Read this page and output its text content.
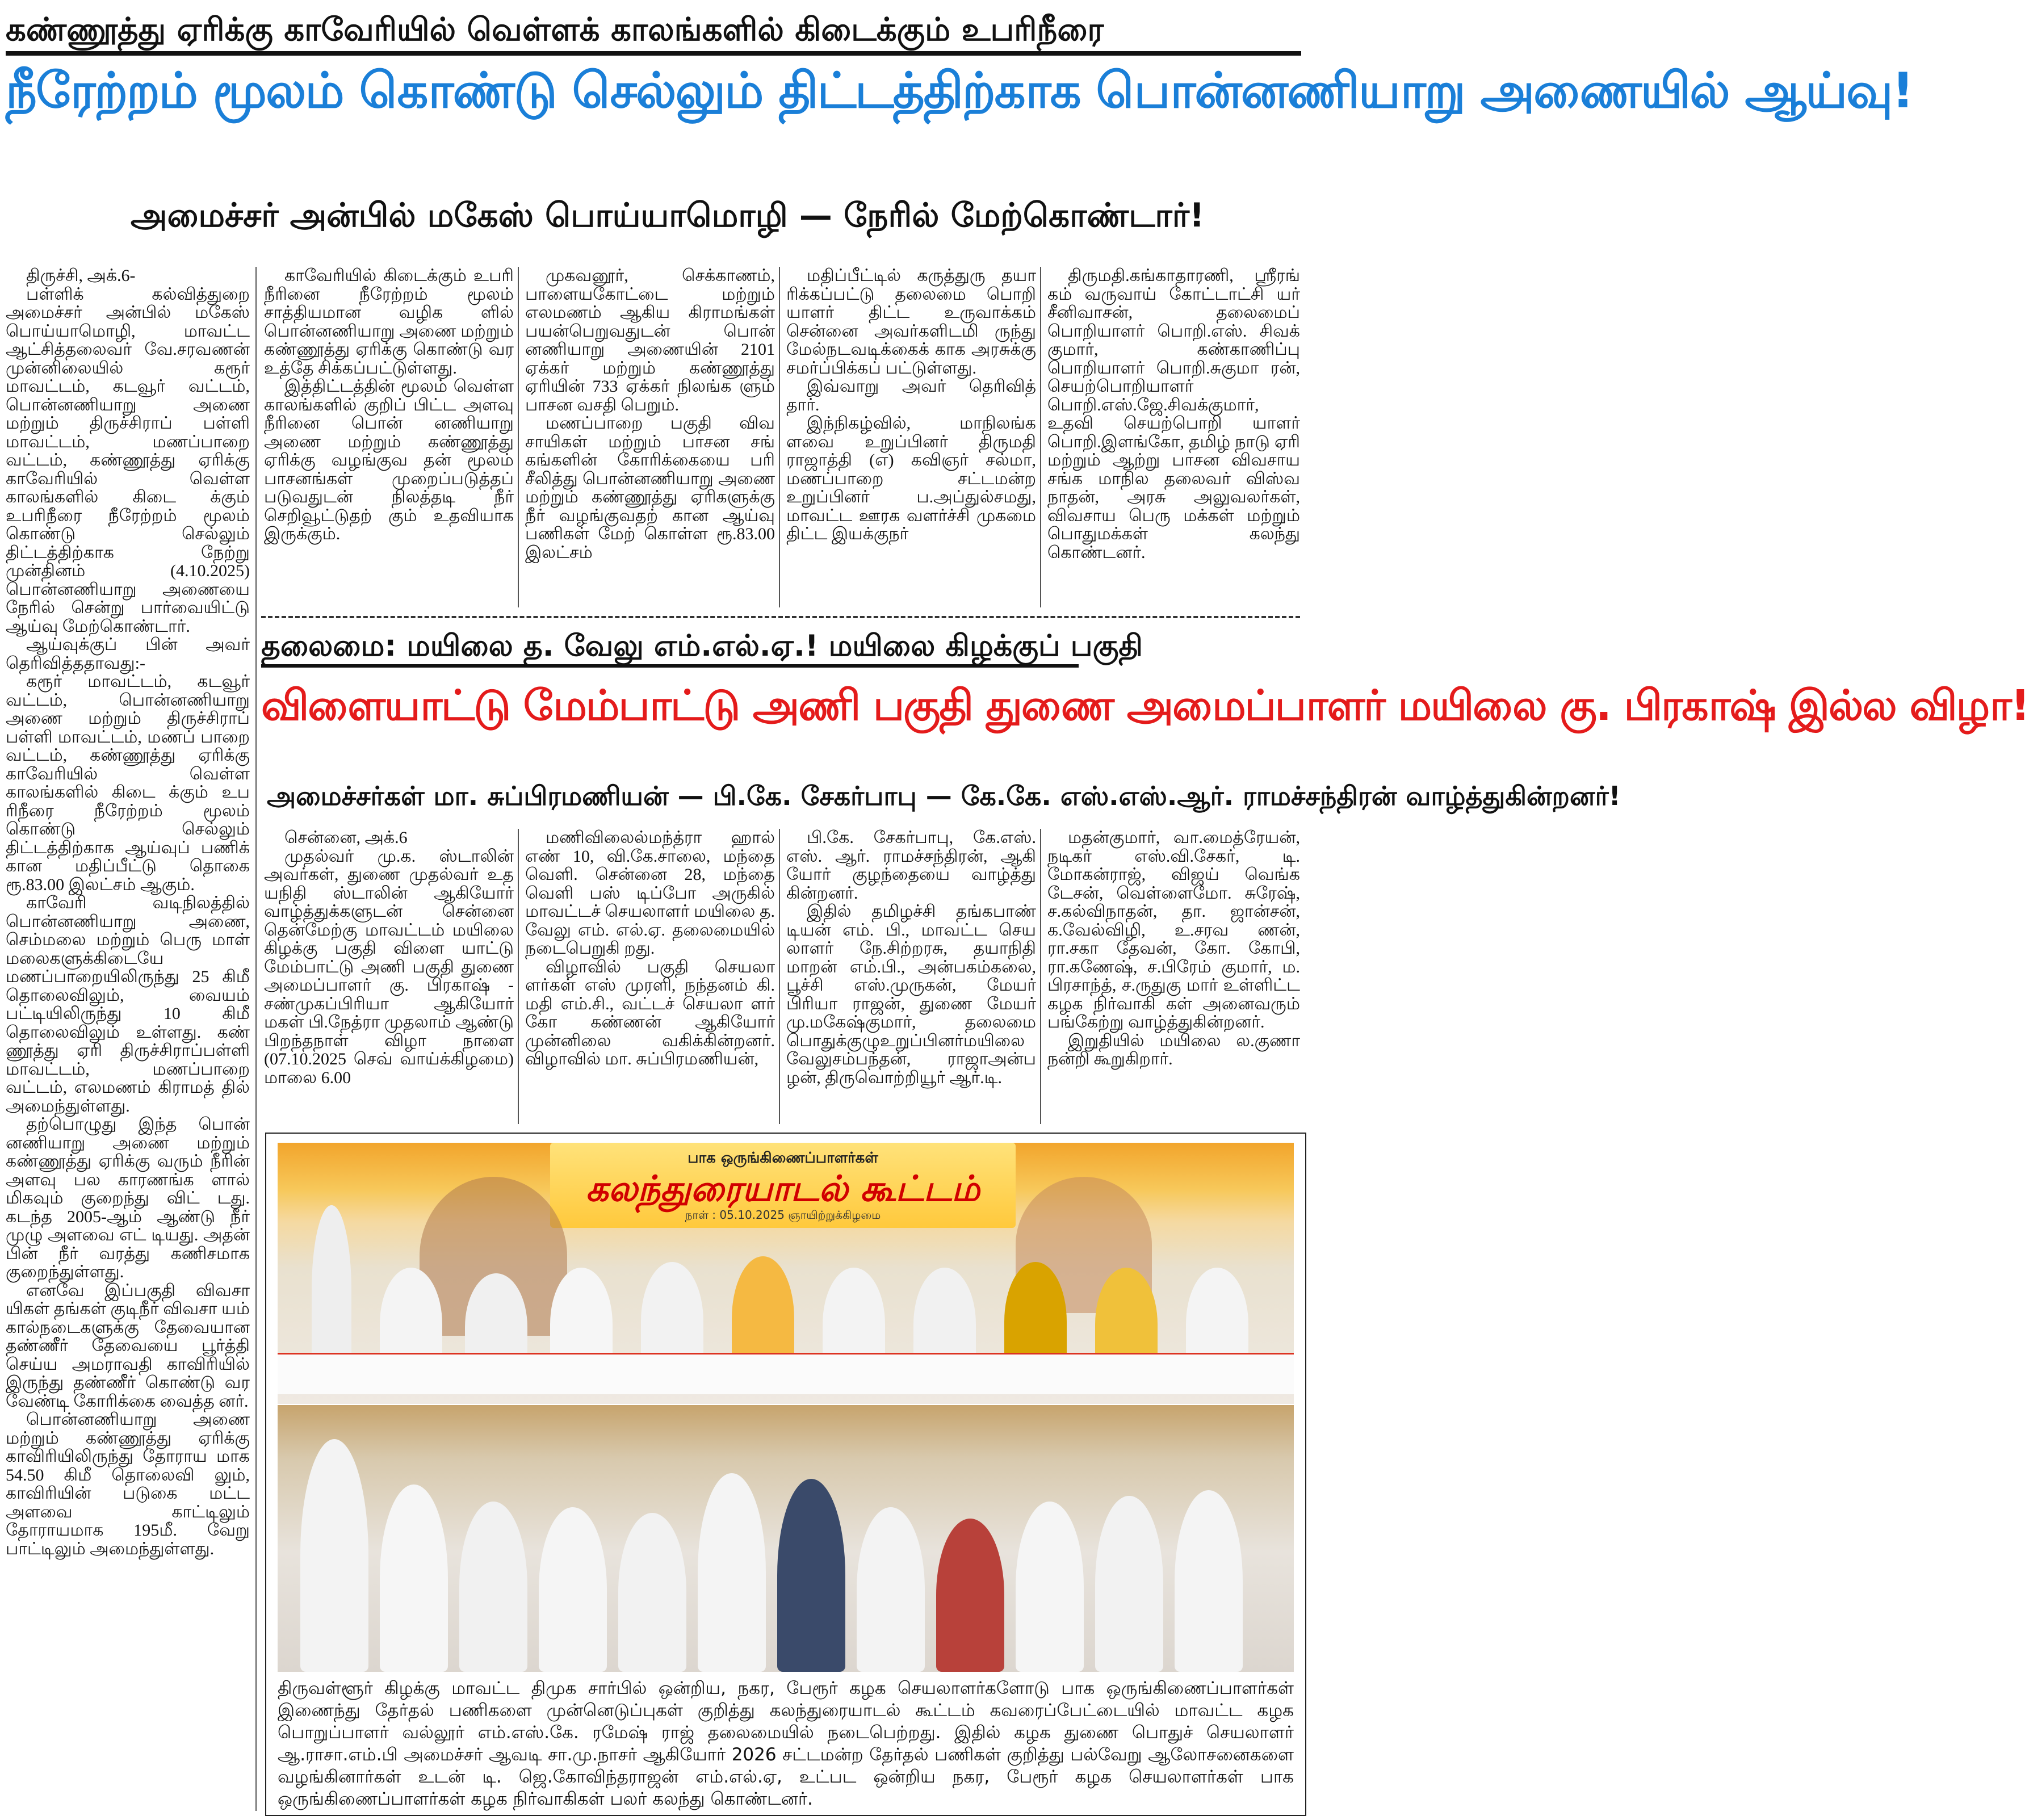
கண்ணூத்து ஏரிக்கு காவேரியில் வெள்ளக் காலங்களில் கிடைக்கும் உபரிநீரை
நீரேற்றம் மூலம் கொண்டு செல்லும் திட்டத்திற்காக பொன்னணியாறு அணையில் ஆய்வு!
அமைச்சர் அன்பில் மகேஸ் பொய்யாமொழி — நேரில் மேற்கொண்டார்!

திருச்சி, அக்.6-

பள்ளிக் கல்வித்துறை அமைச்சர் அன்பில் மகேஸ் பொய்யாமொழி, மாவட்ட ஆட்சித்தலைவர் வே.சரவணன் முன்னிலையில் கரூர் மாவட்டம், கடவூர் வட்டம், பொன்னணியாறு அணை மற்றும் திருச்சிராப் பள்ளி மாவட்டம், மணப்பாறை வட்டம், கண்ணூத்து ஏரிக்கு காவேரியில் வெள்ள காலங்களில் கிடை க்கும் உபரிநீரை நீரேற்றம் மூலம் கொண்டு செல்லும் திட்டத்திற்காக நேற்று முன்தினம் (4.10.2025) பொன்னணியாறு அணையை நேரில் சென்று பார்வையிட்டு ஆய்வு மேற்கொண்டார்.

ஆய்வுக்குப் பின் அவர் தெரிவித்ததாவது:-

கரூர் மாவட்டம், கடவூர் வட்டம், பொன்னணியாறு அணை மற்றும் திருச்சிராப் பள்ளி மாவட்டம், மணப் பாறை வட்டம், கண்ணூத்து ஏரிக்கு காவேரியில் வெள்ள காலங்களில் கிடை க்கும் உப ரிநீரை நீரேற்றம் மூலம் கொண்டு செல்லும் திட்டத்திற்காக ஆய்வுப் பணிக் கான மதிப்பீட்டு தொகை ரூ.83.00 இலட்சம் ஆகும்.

காவேரி வடிநிலத்தில் பொன்னணியாறு அணை, செம்மலை மற்றும் பெரு மாள் மலைகளுக்கிடையே மணப்பாறையிலிருந்து 25 கிமீ தொலைவிலும், வையம் பட்டியிலிருந்து 10 கிமீ தொலைவிலும் உள்ளது. கண் ணூத்து ஏரி திருச்சிராப்பள்ளி மாவட்டம், மணப்பாறை வட்டம், எலமணம் கிராமத் தில் அமைந்துள்ளது.

தற்பொழுது இந்த பொன் னணியாறு அணை மற்றும் கண்ணூத்து ஏரிக்கு வரும் நீரின் அளவு பல காரணங்க ளால் மிகவும் குறைந்து விட் டது. கடந்த 2005-ஆம் ஆண்டு நீர் முழு அளவை எட் டியது. அதன் பின் நீர் வரத்து கணிசமாக குறைந்துள்ளது.

எனவே இப்பகுதி விவசா யிகள் தங்கள் குடிநீர் விவசா யம் கால்நடைகளுக்கு தேவையான தண்ணீர் தேவையை பூர்த்தி செய்ய அமராவதி காவிரியில் இருந்து தண்ணீர் கொண்டு வர வேண்டி கோரிக்கை வைத்த னர்.

பொன்னணியாறு அணை மற்றும் கண்ணூத்து ஏரிக்கு காவிரியிலிருந்து தோராய மாக 54.50 கிமீ தொலைவி லும், காவிரியின் படுகை மட்ட அளவை காட்டிலும் தோராயமாக 195மீ. வேறு பாட்டிலும் அமைந்துள்ளது.

காவேரியில் கிடைக்கும் உபரி நீரினை நீரேற்றம் மூலம் சாத்தியமான வழிக ளில் பொன்னணியாறு அணை மற்றும் கண்ணூத்து ஏரிக்கு கொண்டு வர உத்தே சிக்கப்பட்டுள்ளது.

இத்திட்டத்தின் மூலம் வெள்ள காலங்களில் குறிப் பிட்ட அளவு நீரினை பொன் னணியாறு அணை மற்றும் கண்ணூத்து ஏரிக்கு வழங்குவ தன் மூலம் பாசனங்கள் முறைப்படுத்தப் படுவதுடன் நிலத்தடி நீர் செறிவூட்டுதற் கும் உதவியாக இருக்கும்.

முகவனூர், செக்காணம், பாளையகோட்டை மற்றும் எலமணம் ஆகிய கிராமங்கள் பயன்பெறுவதுடன் பொன் னணியாறு அணையின் 2101 ஏக்கர் மற்றும் கண்ணூத்து ஏரியின் 733 ஏக்கர் நிலங்க ளும் பாசன வசதி பெறும்.

மணப்பாறை பகுதி விவ சாயிகள் மற்றும் பாசன சங் கங்களின் கோரிக்கையை பரி சீலித்து பொன்னணியாறு அணை மற்றும் கண்ணூத்து ஏரிகளுக்கு நீர் வழங்குவதற் கான ஆய்வு பணிகள் மேற் கொள்ள ரூ.83.00 இலட்சம்

மதிப்பீட்டில் கருத்துரு தயா ரிக்கப்பட்டு தலைமை பொறி யாளர் திட்ட உருவாக்கம் சென்னை அவர்களிடமி ருந்து மேல்நடவடிக்கைக் காக அரசுக்கு சமர்ப்பிக்கப் பட்டுள்ளது.

இவ்வாறு அவர் தெரிவித் தார்.

இந்நிகழ்வில், மாநிலங்க ளவை உறுப்பினர் திருமதி ராஜாத்தி (எ) கவிஞர் சல்மா, மணப்பாறை சட்டமன்ற உறுப்பினர் ப.அப்துல்சமது, மாவட்ட ஊரக வளர்ச்சி முகமை திட்ட இயக்குநர்

திருமதி.கங்காதாரணி, ஸ்ரீரங் கம் வருவாய் கோட்டாட்சி யர் சீனிவாசன், தலைமைப் பொறியாளர் பொறி.எஸ். சிவக் குமார், கண்காணிப்பு பொறியாளர் பொறி.சுகுமா ரன், செயற்பொறியாளர் பொறி.எஸ்.ஜே.சிவக்குமார், உதவி செயற்பொறி யாளர் பொறி.இளங்கோ, தமிழ் நாடு ஏரி மற்றும் ஆற்று பாசன விவசாய சங்க மாநில தலைவர் விஸ்வ நாதன், அரசு அலுவலர்கள், விவசாய பெரு மக்கள் மற்றும் பொதுமக்கள் கலந்து கொண்டனர்.

தலைமை: மயிலை த. வேலு எம்.எல்.ஏ.! மயிலை கிழக்குப் பகுதி
விளையாட்டு மேம்பாட்டு அணி பகுதி துணை அமைப்பாளர் மயிலை கு. பிரகாஷ் இல்ல விழா!
அமைச்சர்கள் மா. சுப்பிரமணியன் — பி.கே. சேகர்பாபு — கே.கே. எஸ்.எஸ்.ஆர். ராமச்சந்திரன் வாழ்த்துகின்றனர்!

சென்னை, அக்.6

முதல்வர் மு.க. ஸ்டாலின் அவர்கள், துணை முதல்வர் உத யநிதி ஸ்டாலின் ஆகியோர் வாழ்த்துக்களுடன் சென்னை தென்மேற்கு மாவட்டம் மயிலை கிழக்கு பகுதி விளை யாட்டு மேம்பாட்டு அணி பகுதி துணை அமைப்பாளர் கு. பிரகாஷ் - சண்முகப்பிரியா ஆகியோர் மகள் பி.நேத்ரா முதலாம் ஆண்டு பிறந்தநாள் விழா நாளை (07.10.2025 செவ் வாய்க்கிழமை) மாலை 6.00

மணிவிலைல்மந்த்ரா ஹால் எண் 10, வி.கே.சாலை, மந்தை வெளி. சென்னை 28, மந்தை வெளி பஸ் டிப்போ அருகில் மாவட்டச் செயலாளர் மயிலை த. வேலு எம். எல்.ஏ. தலைமையில் நடைபெறுகி றது.

விழாவில் பகுதி செயலா ளர்கள் எஸ் முரளி, நந்தனம் கி. மதி எம்.சி., வட்டச் செயலா ளர் கோ கண்ணன் ஆகியோர் முன்னிலை வகிக்கின்றனர். விழாவில் மா. சுப்பிரமணியன்,

பி.கே. சேகர்பாபு, கே.எஸ். எஸ். ஆர். ராமச்சந்திரன், ஆகி யோர் குழந்தையை வாழ்த்து கின்றனர்.

இதில் தமிழச்சி தங்கபாண் டியன் எம். பி., மாவட்ட செய லாளர் நே.சிற்றரசு, தயாநிதி மாறன் எம்.பி., அன்பகம்கலை, பூச்சி எஸ்.முருகன், மேயர் பிரியா ராஜன், துணை மேயர் மு.மகேஷ்குமார், தலைமை பொதுக்குழுஉறுப்பினர்மயிலை வேலுசம்பந்தன், ராஜாஅன்ப ழன், திருவொற்றியூர் ஆர்.டி.

மதன்குமார், வா.மைத்ரேயன், நடிகர் எஸ்.வி.சேகர், டி. மோகன்ராஜ், விஜய் வெங்க டேசன், வெள்ளைமோ. சுரேஷ், ச.கல்விநாதன், தா. ஜான்சன், க.வேல்விழி, உ.சரவ ணன், ரா.சகா தேவன், கோ. கோபி, ரா.கணேஷ், ச.பிரேம் குமார், ம. பிரசாந்த், ச.ருதுகு மார் உள்ளிட்ட கழக நிர்வாகி கள் அனைவரும் பங்கேற்று வாழ்த்துகின்றனர்.

இறுதியில் மயிலை ல.குணா நன்றி கூறுகிறார்.

பாக ஒருங்கிணைப்பாளர்கள்
கலந்துரையாடல் கூட்டம்
நாள் : 05.10.2025 ஞாயிற்றுக்கிழமை
திருவள்ளூர் கிழக்கு மாவட்ட திமுக சார்பில் ஒன்றிய, நகர, பேரூர் கழக செயலாளர்களோடு பாக ஒருங்கிணைப்பாளர்கள் இணைந்து தேர்தல் பணிகளை முன்னெடுப்புகள் குறித்து கலந்துரையாடல் கூட்டம் கவரைப்பேட்டையில் மாவட்ட கழக பொறுப்பாளர் வல்லூர் எம்.எஸ்.கே. ரமேஷ் ராஜ் தலைமையில் நடைபெற்றது. இதில் கழக துணை பொதுச் செயலாளர் ஆ.ராசா.எம்.பி அமைச்சர் ஆவடி சா.மு.நாசர் ஆகியோர் 2026 சட்டமன்ற தேர்தல் பணிகள் குறித்து பல்வேறு ஆலோசனைகளை வழங்கினார்கள் உடன் டி. ஜெ.கோவிந்தராஜன் எம்.எல்.ஏ, உட்பட ஒன்றிய நகர, பேரூர் கழக செயலாளர்கள் பாக ஒருங்கிணைப்பாளர்கள் கழக நிர்வாகிகள் பலர் கலந்து கொண்டனர்.
